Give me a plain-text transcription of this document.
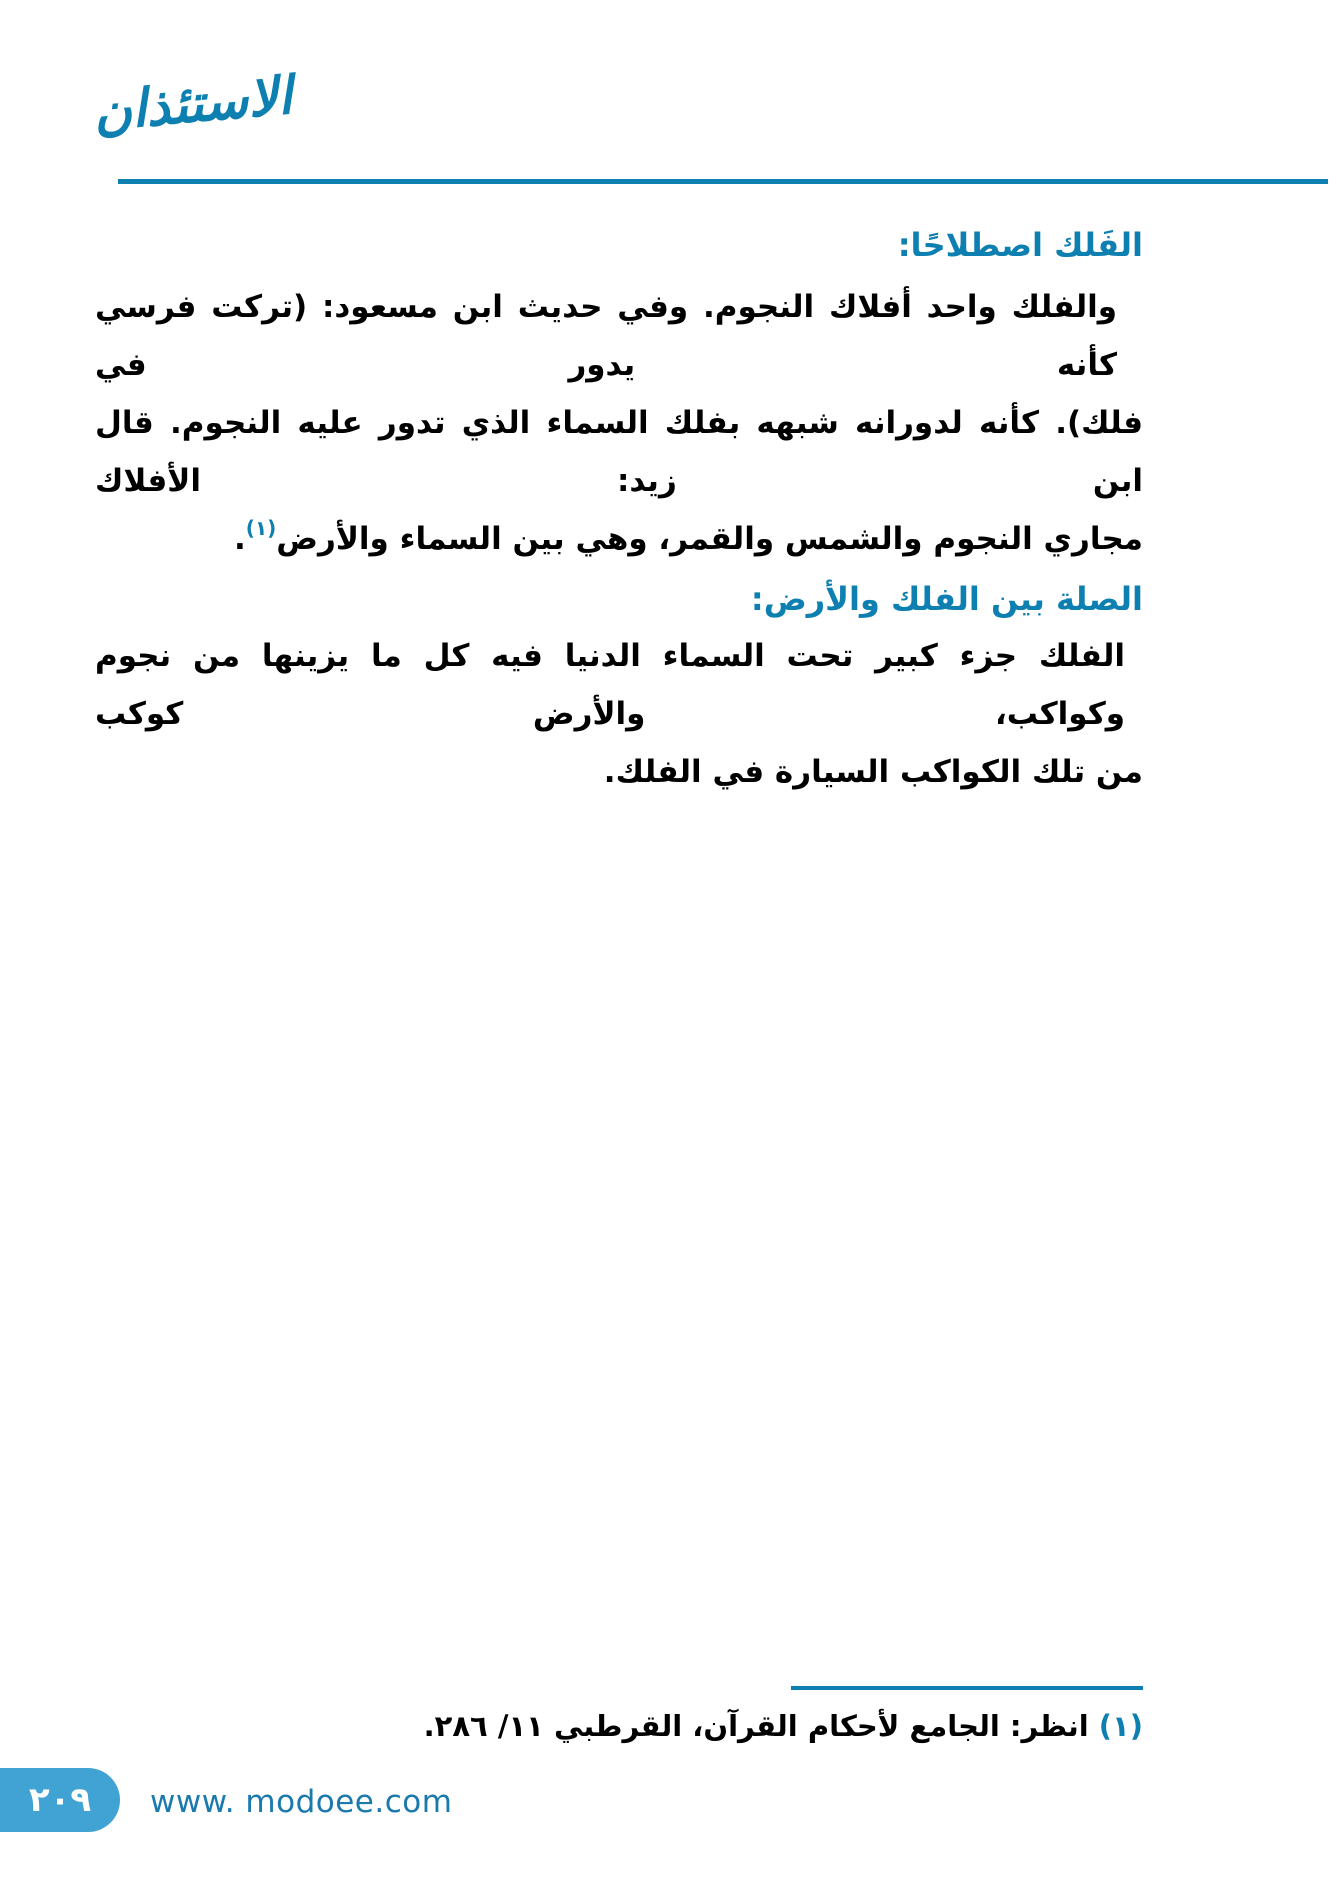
الاستئذان
الفَلك اصطلاحًا:
والفلك واحد أفلاك النجوم. وفي حديث ابن مسعود: (تركت فرسي كأنه يدور في
فلك). كأنه لدورانه شبهه بفلك السماء الذي تدور عليه النجوم. قال ابن زيد: الأفلاك
مجاري النجوم والشمس والقمر، وهي بين السماء والأرض$^{(١)}$.
الصلة بين الفلك والأرض:
الفلك جزء كبير تحت السماء الدنيا فيه كل ما يزينها من نجوم وكواكب، والأرض كوكب
من تلك الكواكب السيارة في الفلك.
(١) انظر: الجامع لأحكام القرآن، القرطبي ١١/ ٢٨٦.
٢٠٩ www. modoee.com
